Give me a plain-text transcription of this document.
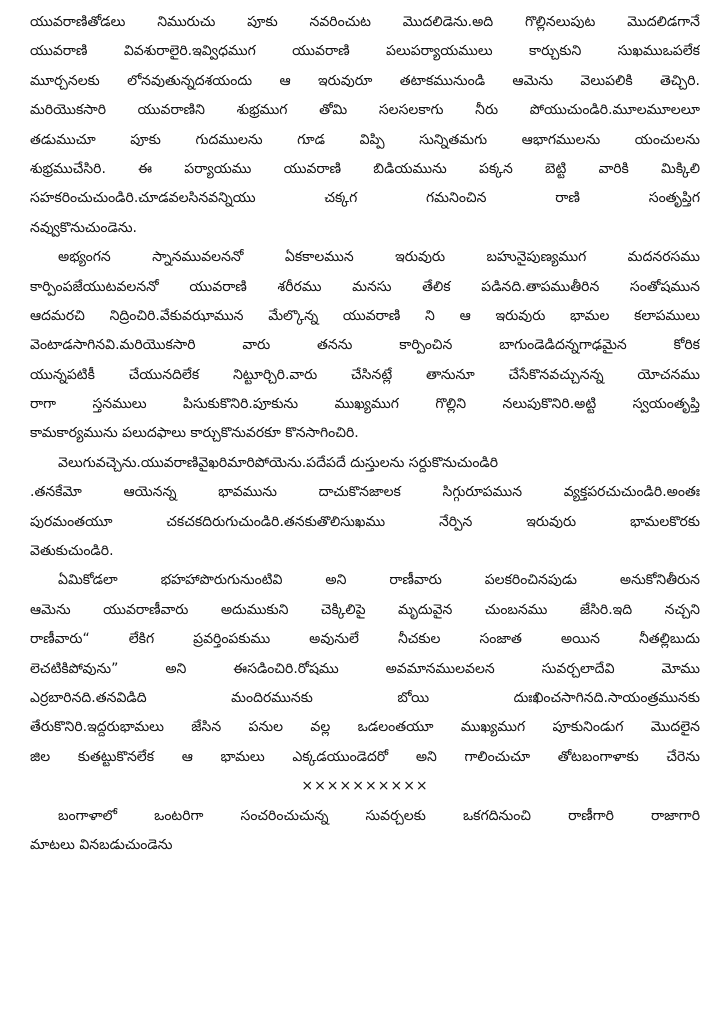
యువరాణితోడలు నిమురుచు పూకు నవరించుట మొదలిడెను.అది గొల్లినలుపుట మొదలిడగానే
యువరాణి వివశురాలైరి.ఇవ్విధముగ యువరాణి పలుపర్యాయములు కార్చుకుని సుఖముఒపలేక
మూర్చనలకు లోనవుతున్నదశయందు ఆ ఇరువురూ తటాకమునుండి ఆమెను వెలుపలికి తెచ్చిరి.
మరియొకసారి యువరాణిని శుభ్రముగ తోమి సలసలకాగు నీరు పోయుచుండిరి.మూలమూలలూ
తడుముచూ పూకు గుదములను గూడ విప్పి సున్నితమగు ఆభాగములను యంచులను
శుభ్రముచేసిరి. ఈ పర్యాయము యువరాణి బిడియమును పక్కన బెట్టి వారికి మిక్కిలి
సహకరించుచుండిరి.చూడవలసినవన్నియు చక్కగ గమనించిన రాణి సంతృప్తిగ
నవ్వుకొనుచుండెను.
అభ్యంగన స్నానమువలననో ఏకకాలమున ఇరువురు బహునైపుణ్యముగ మదనరసము
కార్పింపజేయుటవలననో యువరాణి శరీరము మనసు తేలిక పడినది.తాపముతీరిన సంతోషమున
ఆదమరచి నిద్రించిరి.వేకువఝామున మేల్కొన్న యువరాణి ని ఆ ఇరువురు భామల కలాపములు
వెంటాడసాగినవి.మరియొకసారి వారు తనను కార్పించిన బాగుండెడిదన్నగాఢమైన కోరిక
యున్నపటికీ చేయునదిలేక నిట్టూర్చిరి.వారు చేసినట్లే తానునూ చేసేకొనవచ్చునన్న యోచనము
రాగా స్తనములు పిసుకుకొనిరి.పూకును ముఖ్యముగ గొల్లిని నలుపుకొనిరి.అట్టి స్వయంతృప్తి
కామకార్యమును పలుదఫాలు కార్చుకొనువరకూ కొనసాగించిరి.
వెలుగువచ్చెను.యువరాణివైఖరిమారిపోయెను.పదేపదే దుస్తులను సర్దుకొనుచుండిరి
.తనకేమో ఆయెనన్న భావమును దాచుకొనజాలక సిగ్గురూపమున వ్యక్తపరచుచుండిరి.అంతః
పురమంతయూ చకచకదిరుగుచుండిరి.తనకుతొలిసుఖము నేర్పిన ఇరువురు భామలకొరకు
వెతుకుచుండిరి.
ఏమికోడలా భహహాపొరుగునుంటివి అని రాణీవారు పలకరించినపుడు అనుకోనితీరున
ఆమెను యువరాణీవారు అదుముకుని చెక్కిలిపై మృదువైన చుంబనము జేసిరి.ఇది నచ్చని
రాణీవారు“ లేకిగ ప్రవర్తింపకుము అవునులే నీచకుల సంజాత అయిన నీతల్లిబుదు
లెచటికిపోవును” అని ఈసడించిరి.రోషము అవమానములవలన సువర్చలాదేవి మోము
ఎర్రబారినది.తనవిడిది మందిరమునకు బోయి దుఃఖించసాగినది.సాయంత్రమునకు
తేరుకొనిరి.ఇద్దరుభామలు జేసిన పనుల వల్ల ఒడలంతయూ ముఖ్యముగ పూకునిండుగ మొదలైన
జిల కుతట్టుకొనలేక ఆ భామలు ఎక్కడయుండెదరో అని గాలించుచూ తోటబంగాళాకు చేరెను
××××××××××
బంగాళాలో ఒంటరిగా సంచరించుచున్న సువర్చలకు ఒకగదినుంచి రాణీగారి రాజాగారి
మాటలు వినబడుచుండెను
